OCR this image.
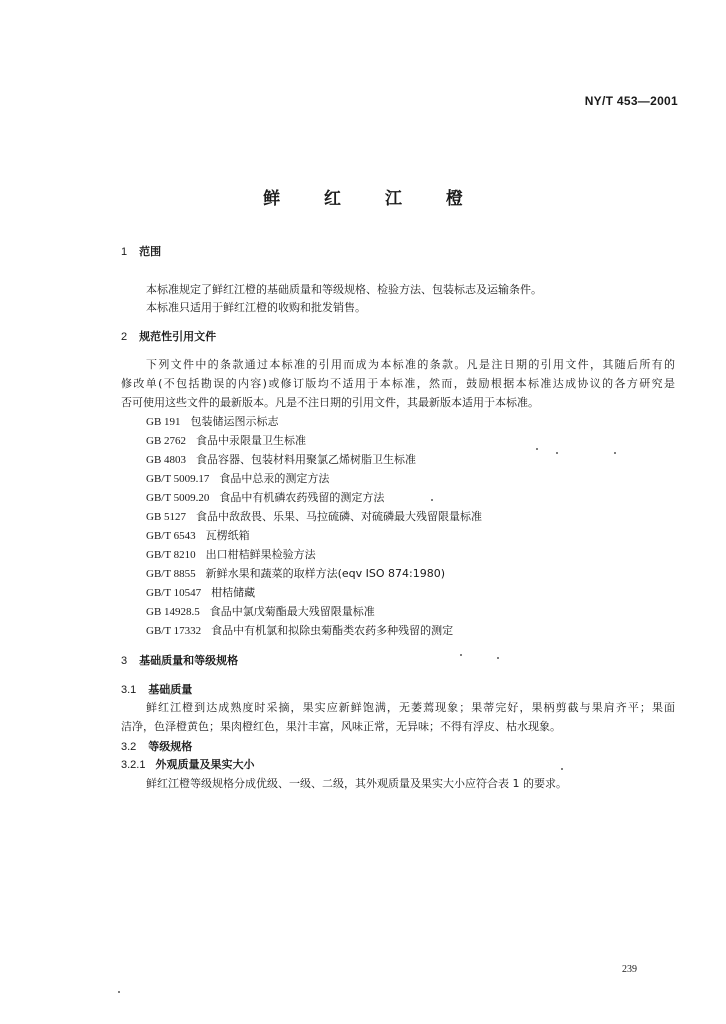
NY/T 453—2001
鲜 红 江 橙
1 范围
本标准规定了鲜红江橙的基础质量和等级规格、检验方法、包装标志及运输条件。
本标准只适用于鲜红江橙的收购和批发销售。
2 规范性引用文件
下列文件中的条款通过本标准的引用而成为本标准的条款。凡是注日期的引用文件，其随后所有的
修改单(不包括勘误的内容)或修订版均不适用于本标准，然而，鼓励根据本标准达成协议的各方研究是
否可使用这些文件的最新版本。凡是不注日期的引用文件，其最新版本适用于本标准。
GB 191 包装储运图示标志
GB 2762 食品中汞限量卫生标准
GB 4803 食品容器、包装材料用聚氯乙烯树脂卫生标准
GB/T 5009.17 食品中总汞的测定方法
GB/T 5009.20 食品中有机磷农药残留的测定方法
GB 5127 食品中敌敌畏、乐果、马拉硫磷、对硫磷最大残留限量标准
GB/T 6543 瓦楞纸箱
GB/T 8210 出口柑桔鲜果检验方法
GB/T 8855 新鲜水果和蔬菜的取样方法(eqv ISO 874:1980)
GB/T 10547 柑桔储藏
GB 14928.5 食品中氯戊菊酯最大残留限量标准
GB/T 17332 食品中有机氯和拟除虫菊酯类农药多种残留的测定
3 基础质量和等级规格
3.1 基础质量
鲜红江橙到达成熟度时采摘，果实应新鲜饱满，无萎蔫现象；果蒂完好，果柄剪截与果肩齐平；果面
洁净，色泽橙黄色；果肉橙红色，果汁丰富，风味正常，无异味；不得有浮皮、枯水现象。
3.2 等级规格
3.2.1 外观质量及果实大小
鲜红江橙等级规格分成优级、一级、二级，其外观质量及果实大小应符合表 1 的要求。
239
